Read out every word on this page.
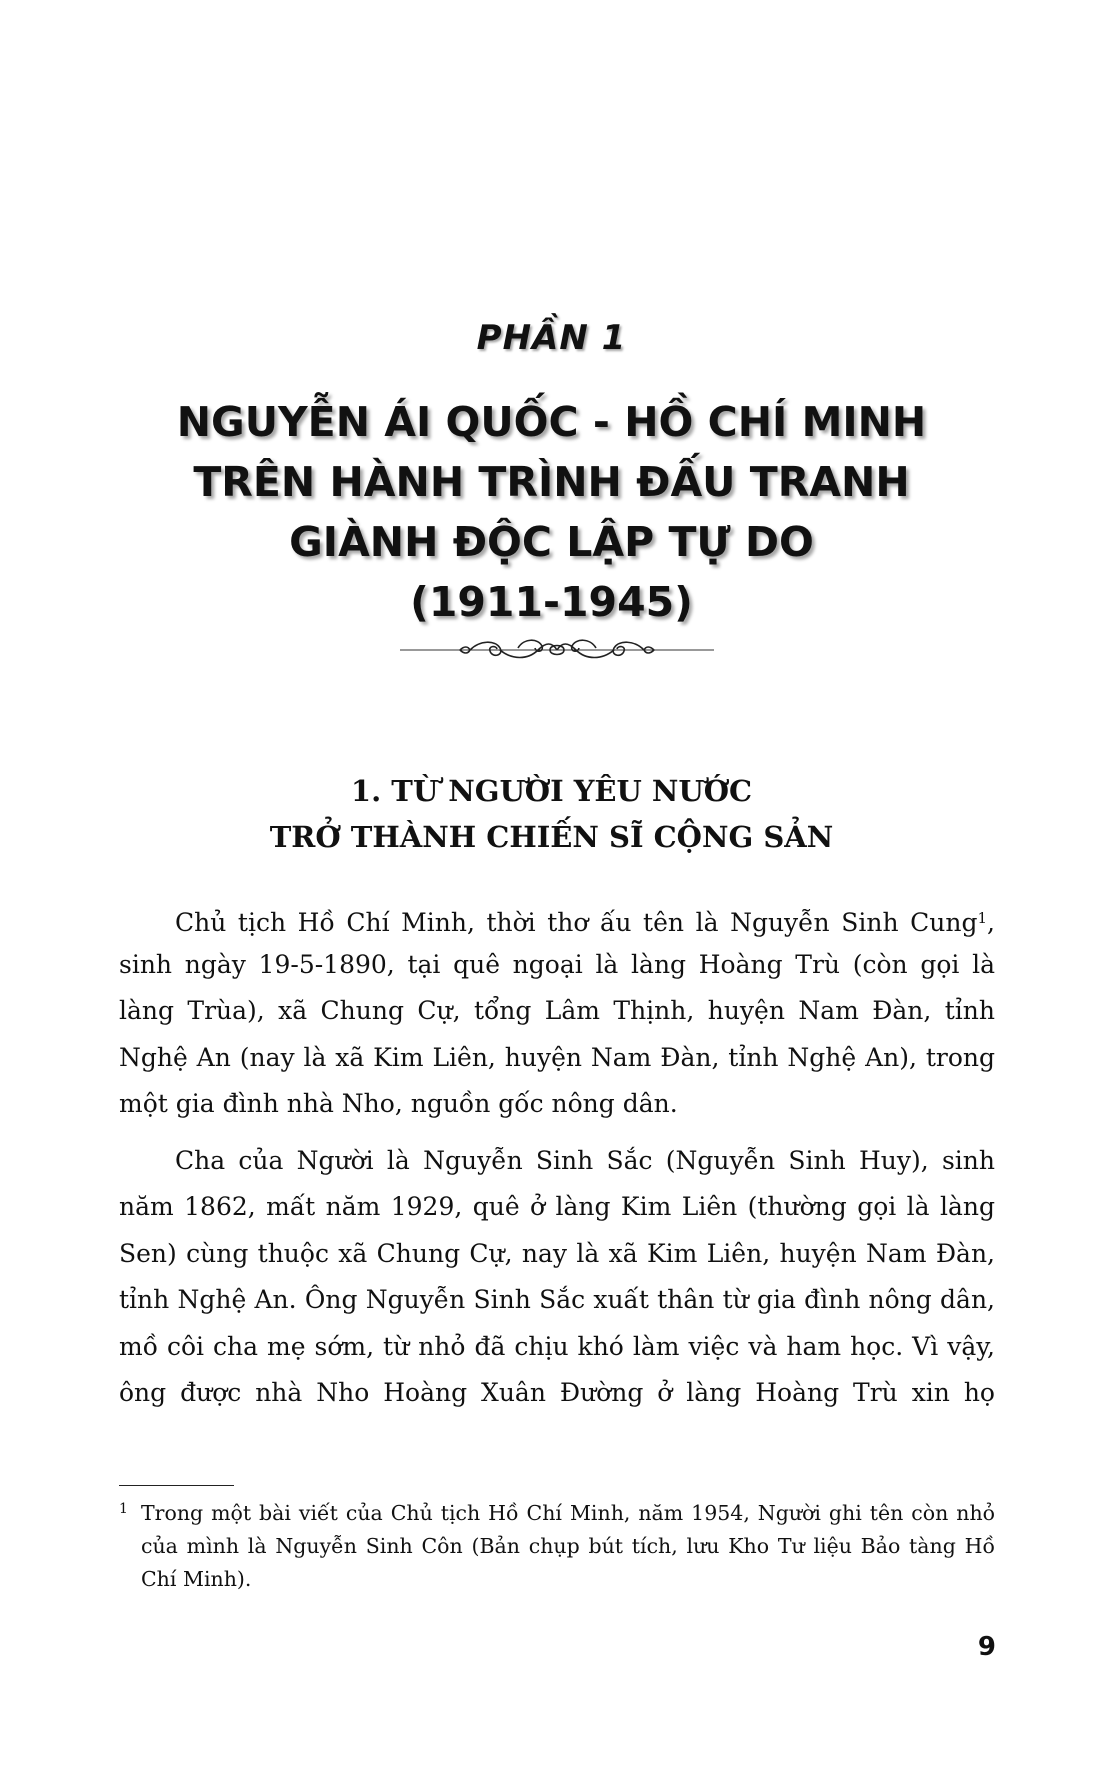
PHẦN 1
NGUYỄN ÁI QUỐC - HỒ CHÍ MINH
TRÊN HÀNH TRÌNH ĐẤU TRANH
GIÀNH ĐỘC LẬP TỰ DO
(1911-1945)
1. TỪ NGƯỜI YÊU NƯỚC
TRỞ THÀNH CHIẾN SĨ CỘNG SẢN
Chủ tịch Hồ Chí Minh, thời thơ ấu tên là Nguyễn Sinh Cung$^1$,
sinh ngày 19-5-1890, tại quê ngoại là làng Hoàng Trù (còn gọi là
làng Trùa), xã Chung Cự, tổng Lâm Thịnh, huyện Nam Đàn, tỉnh
Nghệ An (nay là xã Kim Liên, huyện Nam Đàn, tỉnh Nghệ An), trong
một gia đình nhà Nho, nguồn gốc nông dân.
Cha của Người là Nguyễn Sinh Sắc (Nguyễn Sinh Huy), sinh
năm 1862, mất năm 1929, quê ở làng Kim Liên (thường gọi là làng
Sen) cùng thuộc xã Chung Cự, nay là xã Kim Liên, huyện Nam Đàn,
tỉnh Nghệ An. Ông Nguyễn Sinh Sắc xuất thân từ gia đình nông dân,
mồ côi cha mẹ sớm, từ nhỏ đã chịu khó làm việc và ham học. Vì vậy,
ông được nhà Nho Hoàng Xuân Đường ở làng Hoàng Trù xin họ
1 Trong một bài viết của Chủ tịch Hồ Chí Minh, năm 1954, Người ghi tên còn nhỏ
của mình là Nguyễn Sinh Côn (Bản chụp bút tích, lưu Kho Tư liệu Bảo tàng Hồ
Chí Minh).
9
